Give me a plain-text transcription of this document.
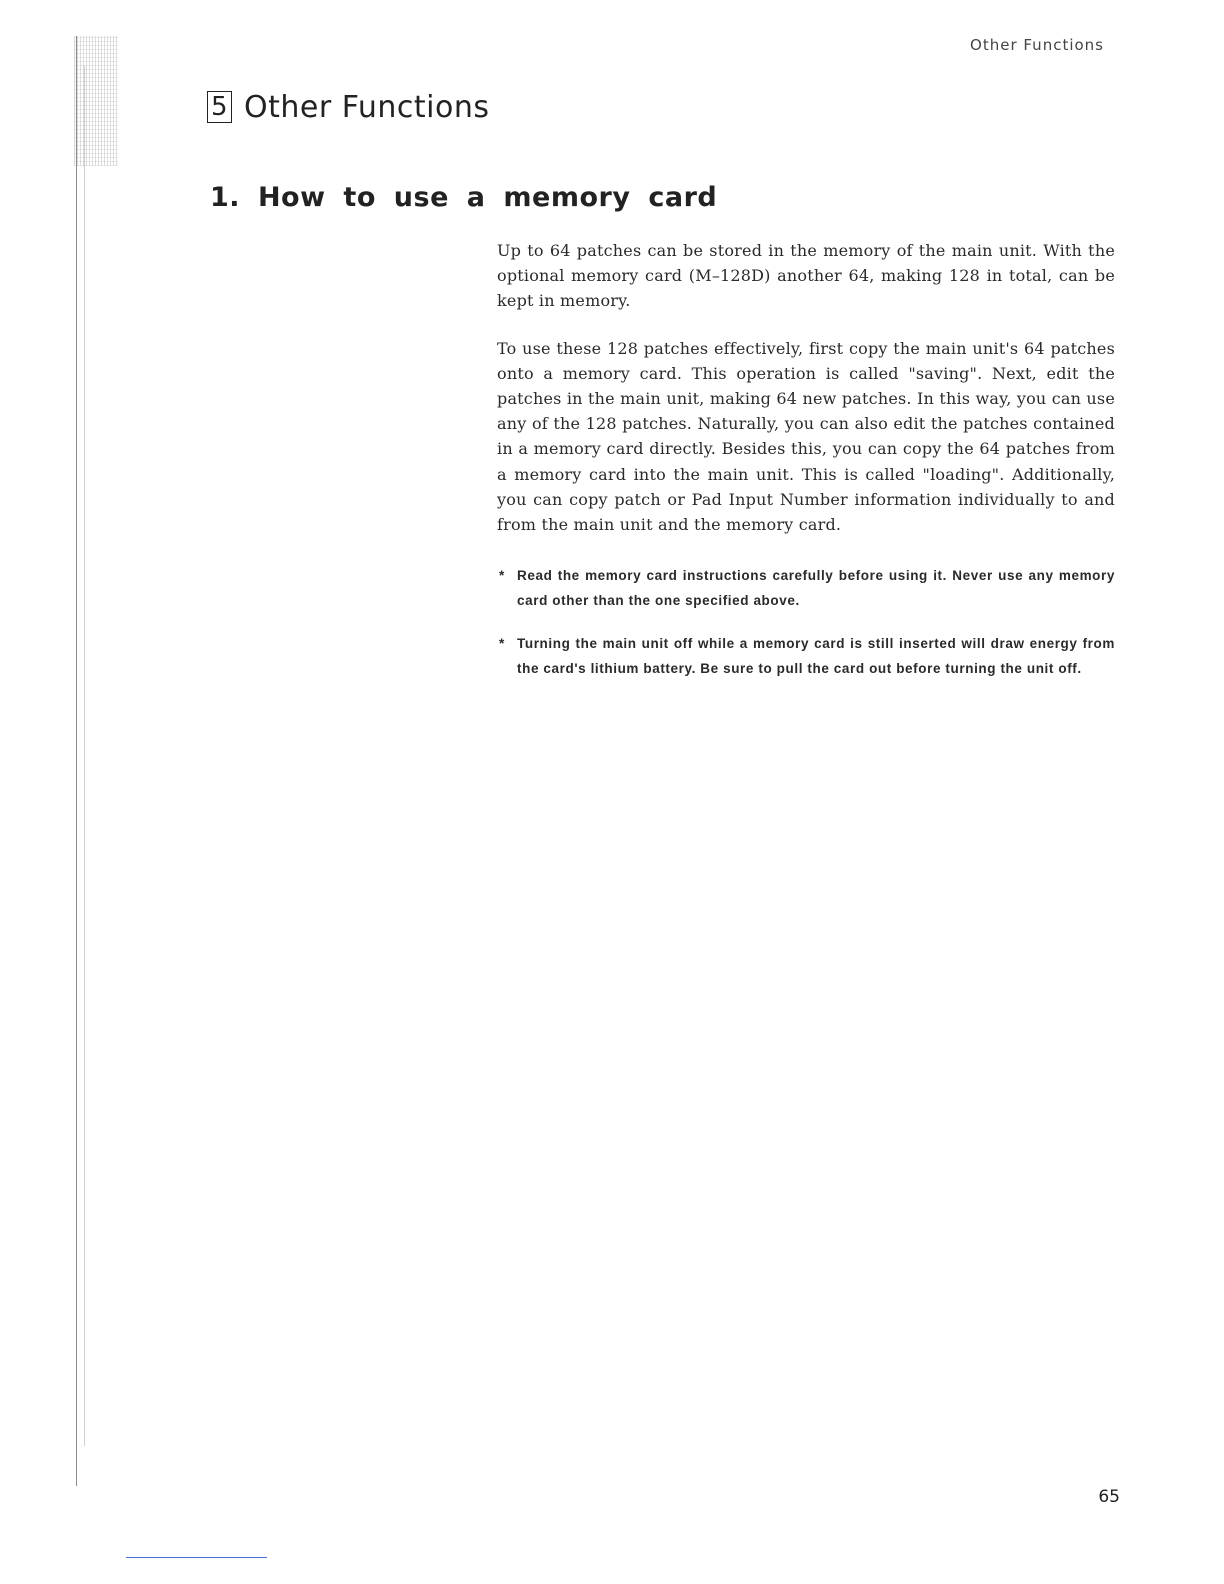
Other Functions
5 Other Functions
1. How to use a memory card

Up to 64 patches can be stored in the memory of the main unit. With the optional memory card (M–128D) another 64, making 128 in total, can be kept in memory.

To use these 128 patches effectively, first copy the main unit's 64 patches onto a memory card. This operation is called "saving". Next, edit the patches in the main unit, making 64 new patches. In this way, you can use any of the 128 patches. Naturally, you can also edit the patches contained in a memory card directly. Besides this, you can copy the 64 patches from a memory card into the main unit. This is called "loading". Additionally, you can copy patch or Pad Input Number information individually to and from the main unit and the memory card.

* Read the memory card instructions carefully before using it. Never use any memory card other than the one specified above.

* Turning the main unit off while a memory card is still inserted will draw energy from the card's lithium battery. Be sure to pull the card out before turning the unit off.

65
